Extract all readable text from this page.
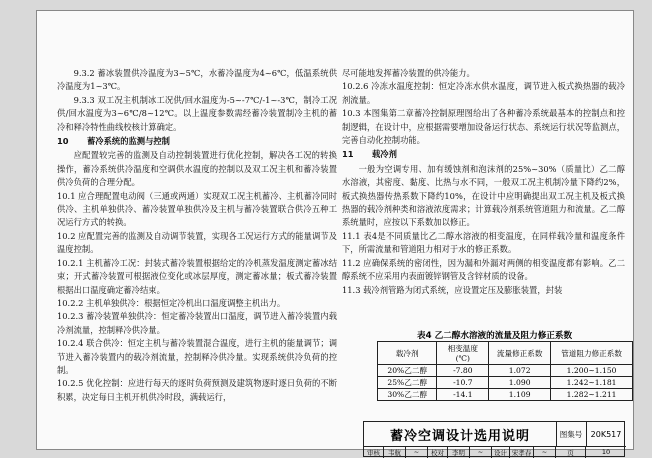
9.3.2 蓄冰装置供冷温度为3~5℃，水蓄冷温度为4~6℃，低温系统供冷温度为1~3℃。

9.3.3 双工况主机制冰工况供/回水温度为-5~-7℃/-1~-3℃，制冷工况供/回水温度为3~6℃/8~12℃。以上温度参数需经蓄冷装置制冷主机的蓄冷和释冷特性曲线校核计算确定。

10 蓄冷系统的监测与控制

应配置较完善的监测及自动控制装置进行优化控制，解决各工况的转换操作，蓄冷系统供冷温度和空调供水温度的控制以及双工况主机和蓄冷装置供冷负荷的合理分配。

10.1 应合理配置电动阀（三通或两通）实现双工况主机蓄冷、主机蓄冷同时供冷、主机单独供冷、蓄冷装置单独供冷及主机与蓄冷装置联合供冷五种工况运行方式的转换。

10.2 应配置完善的监测及自动调节装置，实现各工况运行方式的能量调节及温度控制。

10.2.1 主机蓄冷工况：封装式蓄冷装置根据给定的冷机蒸发温度测定蓄冰结束；开式蓄冷装置可根据液位变化或冰层厚度，测定蓄冰量；板式蓄冷装置根据出口温度确定蓄冷结束。

10.2.2 主机单独供冷：根据恒定冷机出口温度调整主机出力。

10.2.3 蓄冷装置单独供冷：恒定蓄冷装置出口温度，调节进入蓄冷装置内载冷剂流量，控制释冷供冷量。

10.2.4 联合供冷：恒定主机与蓄冷装置混合温度，进行主机的能量调节；调节进入蓄冷装置内的载冷剂流量，控制释冷供冷量。实现系统供冷负荷的控制。

10.2.5 优化控制：应进行每天的逐时负荷预测及建筑物逐时逐日负荷的不断积累，决定每日主机开机供冷时段，满载运行，

尽可能地发挥蓄冷装置的供冷能力。

10.2.6 冷冻水温度控制：恒定冷冻水供水温度，调节进入板式换热器的载冷剂流量。

10.3 本图集第二章蓄冷控制原理图给出了各种蓄冷系统最基本的控制点和控制逻辑，在设计中，应根据需要增加设备运行状态、系统运行状况等监测点，完善自动化控制功能。

11 载冷剂

一般为空调专用、加有缓蚀剂和泡沫剂的25%~30%（质量比）乙二醇水溶液，其密度、黏度、比热与水不同，一般双工况主机制冷量下降约2%，板式换热器传热系数下降约10%，在设计中应明确提出双工况主机及板式换热器的载冷剂种类和溶液浓度需求；计算载冷剂系统管道阻力和流量。乙二醇系统量时，应按以下系数加以修正。

11.1 表4是不同质量比乙二醇水溶液的相变温度，在同样载冷量和温度条件下，所需流量和管道阻力相对于水的修正系数。

11.2 应确保系统的密闭性，因为漏和外漏对两侧的相变温度都有影响。乙二醇系统不应采用内表面镀锌钢管及含锌材质的设备。

11.3 载冷剂管路为闭式系统，应设置定压及膨胀装置，封装

表4 乙二醇水溶液的流量及阻力修正系数
载冷剂	相变温度(℃)	流量修正系数	管道阻力修正系数
20%乙二醇	-7.80	1.072	1.200~1.150
25%乙二醇	-10.7	1.090	1.242~1.181
30%乙二醇	-14.1	1.109	1.282~1.211
蓄冷空调设计选用说明	图集号	20K517
审核	韦航	~	校对	李明	~	设计 宋孝春	~	页	10
